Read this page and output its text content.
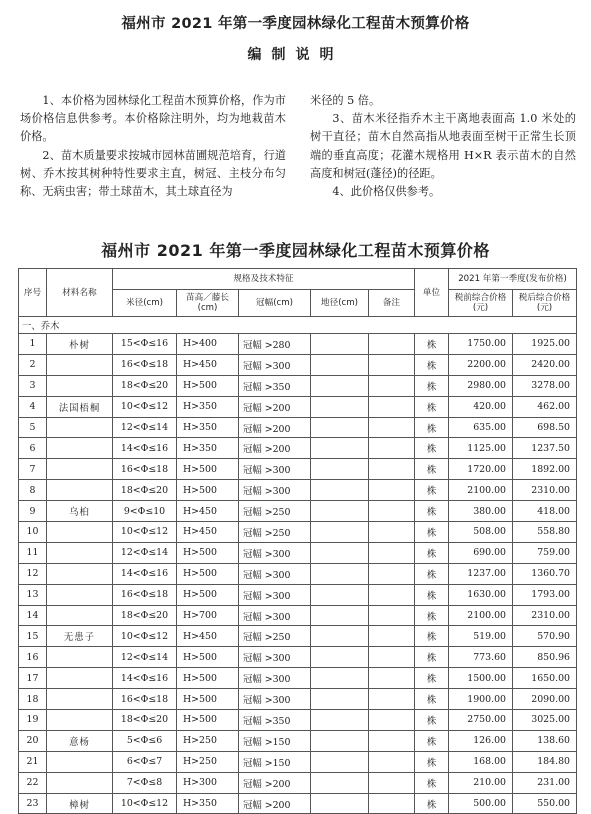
福州市 2021 年第一季度园林绿化工程苗木预算价格
编制说明

1、本价格为园林绿化工程苗木预算价格，作为市场价格信息供参考。本价格除注明外，均为地栽苗木价格。

2、苗木质量要求按城市园林苗圃规范培育，行道树、乔木按其树种特性要求主直，树冠、主枝分布匀称、无病虫害；带土球苗木，其土球直径为

米径的 5 倍。

3、苗木米径指乔木主干离地表面高 1.0 米处的树干直径；苗木自然高指从地表面至树干正常生长顶端的垂直高度；花灌木规格用 H×R 表示苗木的自然高度和树冠(蓬径)的径距。

4、此价格仅供参考。

福州市 2021 年第一季度园林绿化工程苗木预算价格
序号	材料名称	规格及技术特征					单位	2021 年第一季度(发布价格)	
		米径(cm)	苗高／藤长(cm)	冠幅(cm)	地径(cm)	备注		税前综合价格(元)	税后综合价格(元)
一、乔木									
1	朴树	15<Φ≤16	H>400	冠幅 >280			株	1750.00	1925.00
2		16<Φ≤18	H>450	冠幅 >300			株	2200.00	2420.00
3		18<Φ≤20	H>500	冠幅 >350			株	2980.00	3278.00
4	法国梧桐	10<Φ≤12	H>350	冠幅 >200			株	420.00	462.00
5		12<Φ≤14	H>350	冠幅 >200			株	635.00	698.50
6		14<Φ≤16	H>350	冠幅 >200			株	1125.00	1237.50
7		16<Φ≤18	H>500	冠幅 >300			株	1720.00	1892.00
8		18<Φ≤20	H>500	冠幅 >300			株	2100.00	2310.00
9	乌桕	9<Φ≤10	H>450	冠幅 >250			株	380.00	418.00
10		10<Φ≤12	H>450	冠幅 >250			株	508.00	558.80
11		12<Φ≤14	H>500	冠幅 >300			株	690.00	759.00
12		14<Φ≤16	H>500	冠幅 >300			株	1237.00	1360.70
13		16<Φ≤18	H>500	冠幅 >300			株	1630.00	1793.00
14		18<Φ≤20	H>700	冠幅 >300			株	2100.00	2310.00
15	无患子	10<Φ≤12	H>450	冠幅 >250			株	519.00	570.90
16		12<Φ≤14	H>500	冠幅 >300			株	773.60	850.96
17		14<Φ≤16	H>500	冠幅 >300			株	1500.00	1650.00
18		16<Φ≤18	H>500	冠幅 >300			株	1900.00	2090.00
19		18<Φ≤20	H>500	冠幅 >350			株	2750.00	3025.00
20	意杨	5<Φ≤6	H>250	冠幅 >150			株	126.00	138.60
21		6<Φ≤7	H>250	冠幅 >150			株	168.00	184.80
22		7<Φ≤8	H>300	冠幅 >200			株	210.00	231.00
23	樟树	10<Φ≤12	H>350	冠幅 >200			株	500.00	550.00
